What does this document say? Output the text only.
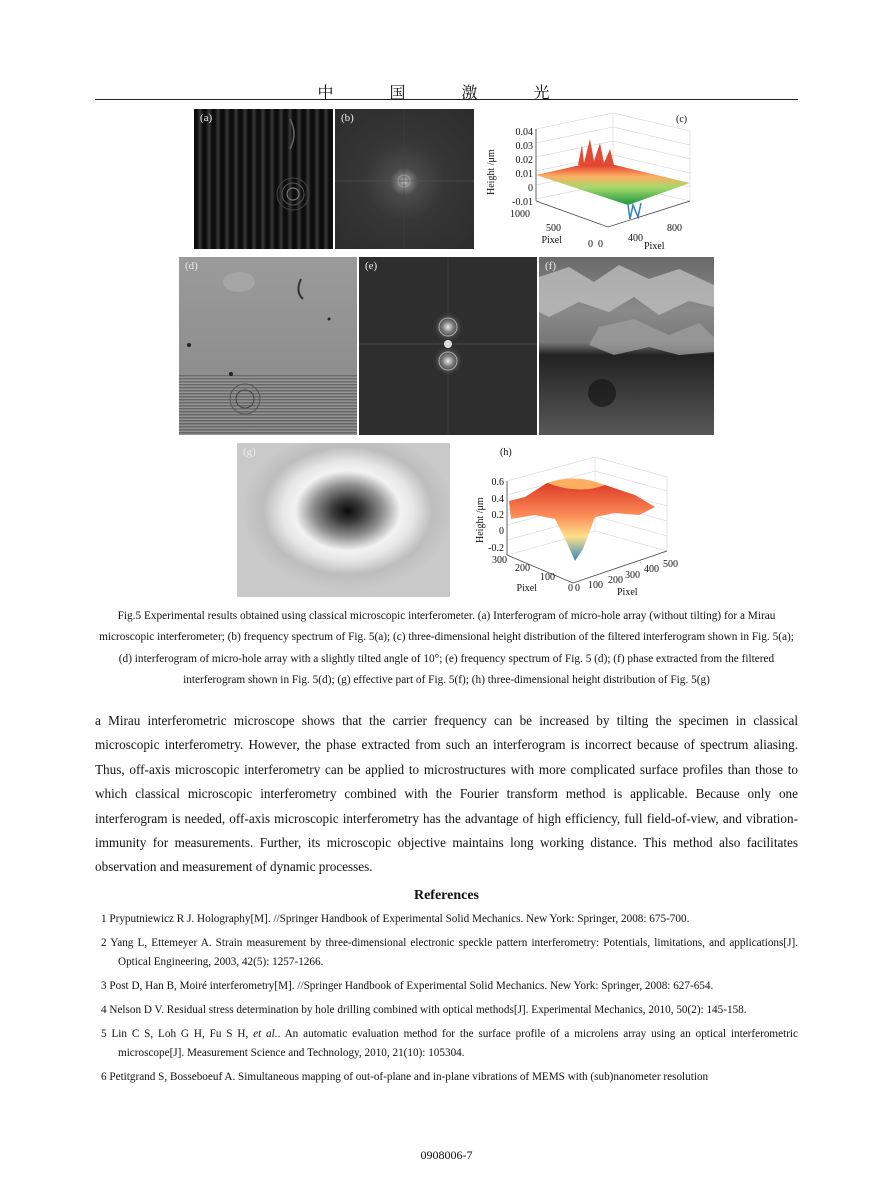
中 国 激 光
(a)	(b)
0.04
0.03
0.02
0.01
0
-0.01
1000
500
0
Pixel	0
400
800
Pixel
Height /μm
(c)
(d)	(e)	(f)
(g)
0.6
0.4
0.2
0
-0.2
300
200
100
0
Pixel	0 100 200 300
400 500
Pixel
Height /μm
(h)
Fig.5 Experimental results obtained using classical microscopic interferometer. (a) Interferogram of micro-hole array (without tilting) for a Mirau microscopic interferometer; (b) frequency spectrum of Fig. 5(a); (c) three-dimensional height distribution of the filtered interferogram shown in Fig. 5(a); (d) interferogram of micro-hole array with a slightly tilted angle of 10°; (e) frequency spectrum of Fig. 5 (d); (f) phase extracted from the filtered interferogram shown in Fig. 5(d); (g) effective part of Fig. 5(f); (h) three-dimensional height distribution of Fig. 5(g)
a Mirau interferometric microscope shows that the carrier frequency can be increased by tilting the specimen in classical microscopic interferometry. However, the phase extracted from such an interferogram is incorrect because of spectrum aliasing. Thus, off-axis microscopic interferometry can be applied to microstructures with more complicated surface profiles than those to which classical microscopic interferometry combined with the Fourier transform method is applicable. Because only one interferogram is needed, off-axis microscopic interferometry has the advantage of high efficiency, full field-of-view, and vibration-immunity for measurements. Further, its microscopic objective maintains long working distance. This method also facilitates observation and measurement of dynamic processes.
References
1 Pryputniewicz R J. Holography[M]. //Springer Handbook of Experimental Solid Mechanics. New York: Springer, 2008: 675-700.
2 Yang L, Ettemeyer A. Strain measurement by three-dimensional electronic speckle pattern interferometry: Potentials, limitations, and applications[J]. Optical Engineering, 2003, 42(5): 1257-1266.
3 Post D, Han B, Moiré interferometry[M]. //Springer Handbook of Experimental Solid Mechanics. New York: Springer, 2008: 627-654.
4 Nelson D V. Residual stress determination by hole drilling combined with optical methods[J]. Experimental Mechanics, 2010, 50(2): 145-158.
5 Lin C S, Loh G H, Fu S H, et al.. An automatic evaluation method for the surface profile of a microlens array using an optical interferometric microscope[J]. Measurement Science and Technology, 2010, 21(10): 105304.
6 Petitgrand S, Bosseboeuf A. Simultaneous mapping of out-of-plane and in-plane vibrations of MEMS with (sub)nanometer resolution
0908006-7
